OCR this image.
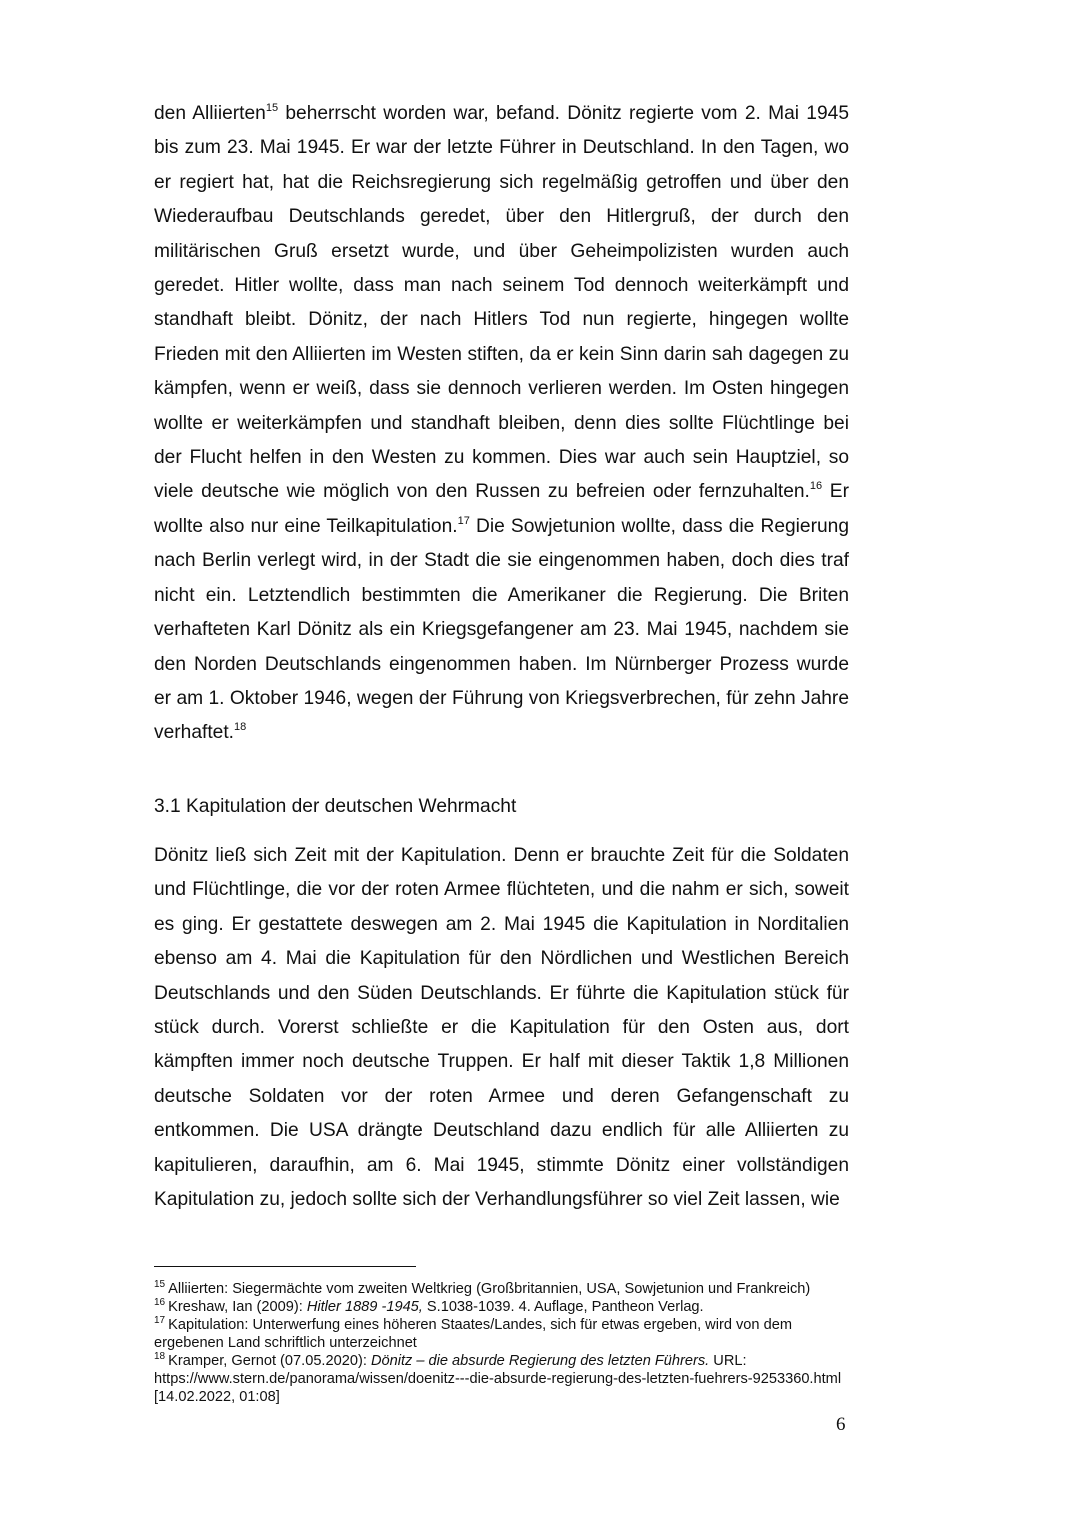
den Alliierten$^{15}$ beherrscht worden war, befand. Dönitz regierte vom 2. Mai 1945 bis zum 23. Mai 1945. Er war der letzte Führer in Deutschland. In den Tagen, wo er regiert hat, hat die Reichsregierung sich regelmäßig getroffen und über den Wiederaufbau Deutschlands geredet, über den Hitlergruß, der durch den militärischen Gruß ersetzt wurde, und über Geheimpolizisten wurden auch geredet. Hitler wollte, dass man nach seinem Tod dennoch weiterkämpft und standhaft bleibt. Dönitz, der nach Hitlers Tod nun regierte, hingegen wollte Frieden mit den Alliierten im Westen stiften, da er kein Sinn darin sah dagegen zu kämpfen, wenn er weiß, dass sie dennoch verlieren werden. Im Osten hingegen wollte er weiterkämpfen und standhaft bleiben, denn dies sollte Flüchtlinge bei der Flucht helfen in den Westen zu kommen. Dies war auch sein Hauptziel, so viele deutsche wie möglich von den Russen zu befreien oder fernzuhalten.$^{16}$ Er wollte also nur eine Teilkapitulation.$^{17}$ Die Sowjetunion wollte, dass die Regierung nach Berlin verlegt wird, in der Stadt die sie eingenommen haben, doch dies traf nicht ein. Letztendlich bestimmten die Amerikaner die Regierung. Die Briten verhafteten Karl Dönitz als ein Kriegsgefangener am 23. Mai 1945, nachdem sie den Norden Deutschlands eingenommen haben. Im Nürnberger Prozess wurde er am 1. Oktober 1946, wegen der Führung von Kriegsverbrechen, für zehn Jahre verhaftet.$^{18}$

3.1 Kapitulation der deutschen Wehrmacht

Dönitz ließ sich Zeit mit der Kapitulation. Denn er brauchte Zeit für die Soldaten und Flüchtlinge, die vor der roten Armee flüchteten, und die nahm er sich, soweit es ging. Er gestattete deswegen am 2. Mai 1945 die Kapitulation in Norditalien ebenso am 4. Mai die Kapitulation für den Nördlichen und Westlichen Bereich Deutschlands und den Süden Deutschlands. Er führte die Kapitulation stück für stück durch. Vorerst schließte er die Kapitulation für den Osten aus, dort kämpften immer noch deutsche Truppen. Er half mit dieser Taktik 1,8 Millionen deutsche Soldaten vor der roten Armee und deren Gefangenschaft zu entkommen. Die USA drängte Deutschland dazu endlich für alle Alliierten zu kapitulieren, daraufhin, am 6. Mai 1945, stimmte Dönitz einer vollständigen Kapitulation zu, jedoch sollte sich der Verhandlungsführer so viel Zeit lassen, wie

$^{15}$ Alliierten: Siegermächte vom zweiten Weltkrieg (Großbritannien, USA, Sowjetunion und Frankreich)
$^{16}$ Kreshaw, Ian (2009): Hitler 1889 -1945, S.1038-1039. 4. Auflage, Pantheon Verlag.
$^{17}$ Kapitulation: Unterwerfung eines höheren Staates/Landes, sich für etwas ergeben, wird von dem ergebenen Land schriftlich unterzeichnet
$^{18}$ Kramper, Gernot (07.05.2020): Dönitz – die absurde Regierung des letzten Führers. URL: https://www.stern.de/panorama/wissen/doenitz---die-absurde-regierung-des-letzten-fuehrers-9253360.html [14.02.2022, 01:08]
6
